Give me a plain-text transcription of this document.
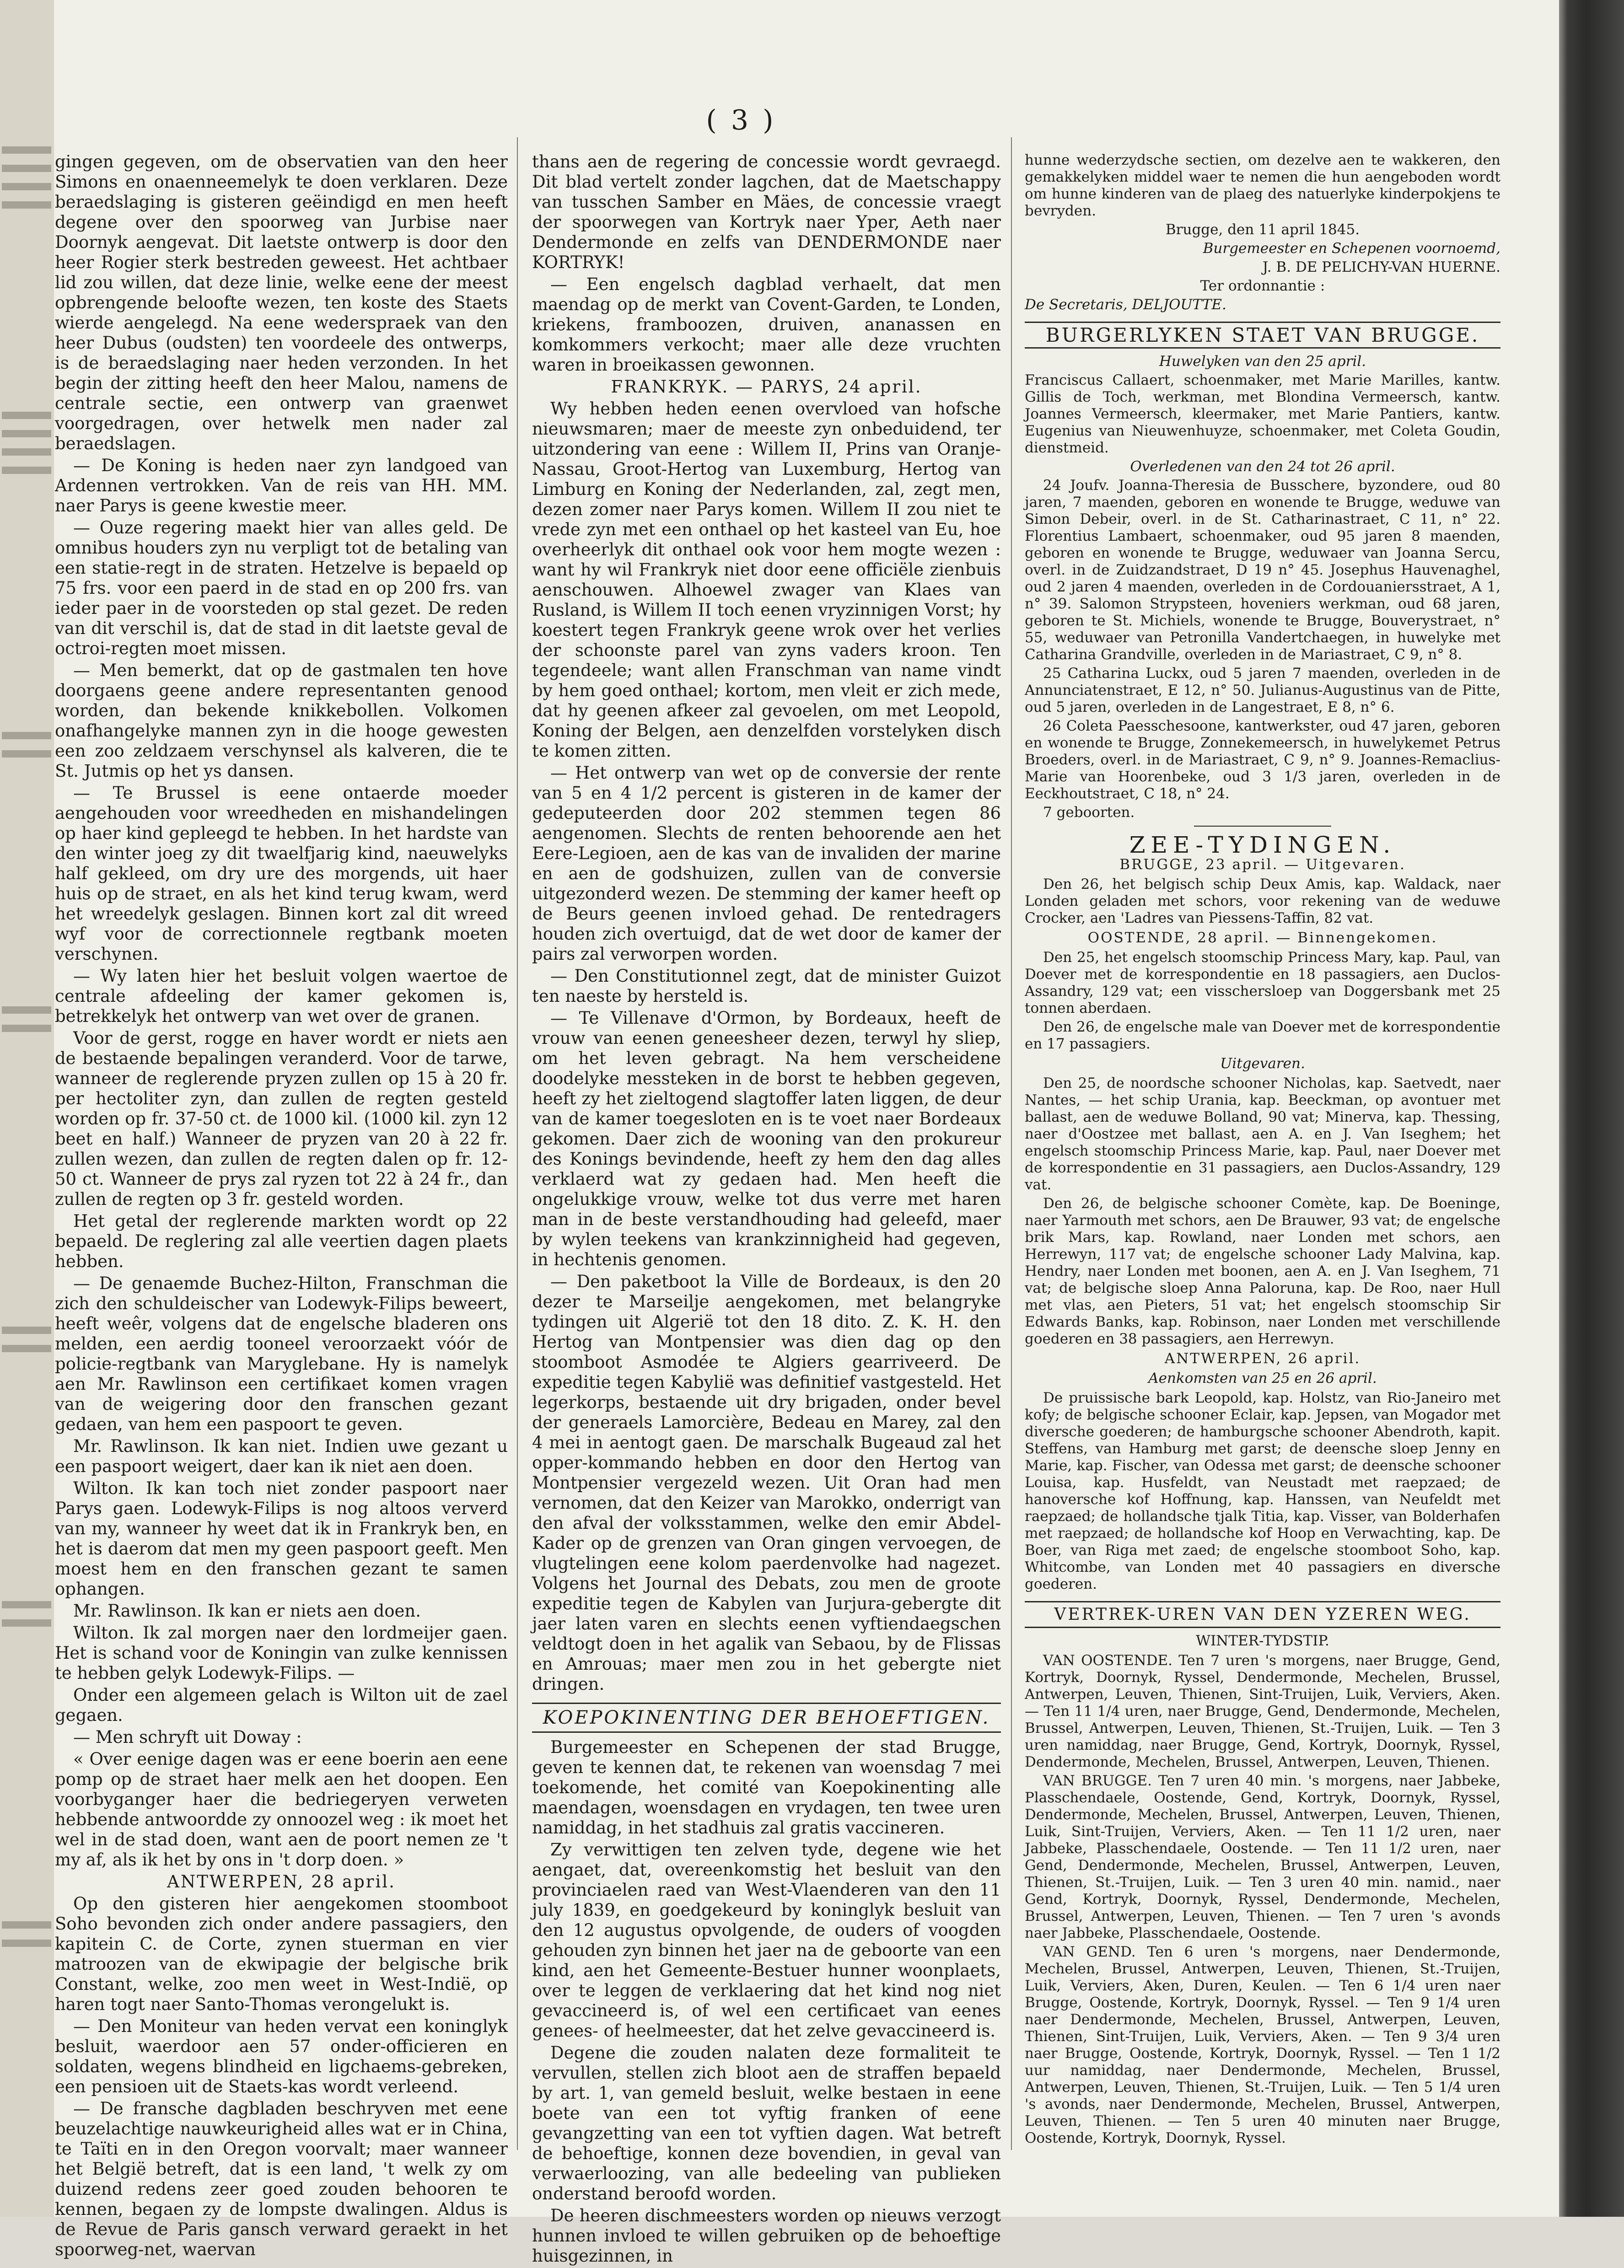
( 3 )

gingen gegeven, om de observatien van den heer Simons en onaenneemelyk te doen verklaren. Deze beraedslaging is gisteren geëindigd en men heeft degene over den spoorweg van Jurbise naer Doornyk aengevat. Dit laetste ontwerp is door den heer Rogier sterk bestreden geweest. Het achtbaer lid zou willen, dat deze linie, welke eene der meest opbrengende beloofte wezen, ten koste des Staets wierde aengelegd. Na eene wederspraek van den heer Dubus (oudsten) ten voordeele des ontwerps, is de beraedslaging naer heden verzonden. In het begin der zitting heeft den heer Malou, namens de centrale sectie, een ontwerp van graenwet voorgedragen, over hetwelk men nader zal beraedslagen.

— De Koning is heden naer zyn landgoed van Ardennen vertrokken. Van de reis van HH. MM. naer Parys is geene kwestie meer.

— Ouze regering maekt hier van alles geld. De omnibus houders zyn nu verpligt tot de betaling van een statie-regt in de straten. Hetzelve is bepaeld op 75 frs. voor een paerd in de stad en op 200 frs. van ieder paer in de voorsteden op stal gezet. De reden van dit verschil is, dat de stad in dit laetste geval de octroi-regten moet missen.

— Men bemerkt, dat op de gastmalen ten hove doorgaens geene andere representanten genood worden, dan bekende knikkebollen. Volkomen onafhangelyke mannen zyn in die hooge gewesten een zoo zeldzaem verschynsel als kalveren, die te St. Jutmis op het ys dansen.

— Te Brussel is eene ontaerde moeder aengehouden voor wreedheden en mishandelingen op haer kind gepleegd te hebben. In het hardste van den winter joeg zy dit twaelfjarig kind, naeuwelyks half gekleed, om dry ure des morgends, uit haer huis op de straet, en als het kind terug kwam, werd het wreedelyk geslagen. Binnen kort zal dit wreed wyf voor de correctionnele regtbank moeten verschynen.

— Wy laten hier het besluit volgen waertoe de centrale afdeeling der kamer gekomen is, betrekkelyk het ontwerp van wet over de granen.

Voor de gerst, rogge en haver wordt er niets aen de bestaende bepalingen veranderd. Voor de tarwe, wanneer de reglerende pryzen zullen op 15 à 20 fr. per hectoliter zyn, dan zullen de regten gesteld worden op fr. 37-50 ct. de 1000 kil. (1000 kil. zyn 12 beet en half.) Wanneer de pryzen van 20 à 22 fr. zullen wezen, dan zullen de regten dalen op fr. 12-50 ct. Wanneer de prys zal ryzen tot 22 à 24 fr., dan zullen de regten op 3 fr. gesteld worden.

Het getal der reglerende markten wordt op 22 bepaeld. De reglering zal alle veertien dagen plaets hebben.

— De genaemde Buchez-Hilton, Franschman die zich den schuldeischer van Lodewyk-Filips beweert, heeft weêr, volgens dat de engelsche bladeren ons melden, een aerdig tooneel veroorzaekt vóór de policie-regtbank van Maryglebane. Hy is namelyk aen Mr. Rawlinson een certifikaet komen vragen van de weigering door den franschen gezant gedaen, van hem een paspoort te geven.

Mr. Rawlinson. Ik kan niet. Indien uwe gezant u een paspoort weigert, daer kan ik niet aen doen.

Wilton. Ik kan toch niet zonder paspoort naer Parys gaen. Lodewyk-Filips is nog altoos ververd van my, wanneer hy weet dat ik in Frankryk ben, en het is daerom dat men my geen paspoort geeft. Men moest hem en den franschen gezant te samen ophangen.

Mr. Rawlinson. Ik kan er niets aen doen.

Wilton. Ik zal morgen naer den lordmeijer gaen. Het is schand voor de Koningin van zulke kennissen te hebben gelyk Lodewyk-Filips. —

Onder een algemeen gelach is Wilton uit de zael gegaen.

— Men schryft uit Doway :

« Over eenige dagen was er eene boerin aen eene pomp op de straet haer melk aen het doopen. Een voorbyganger haer die bedriegeryen verweten hebbende antwoordde zy onnoozel weg : ik moet het wel in de stad doen, want aen de poort nemen ze 't my af, als ik het by ons in 't dorp doen. »

ANTWERPEN, 28 april.

Op den gisteren hier aengekomen stoomboot Soho bevonden zich onder andere passagiers, den kapitein C. de Corte, zynen stuerman en vier matroozen van de ekwipagie der belgische brik Constant, welke, zoo men weet in West-Indië, op haren togt naer Santo-Thomas verongelukt is.

— Den Moniteur van heden vervat een koninglyk besluit, waerdoor aen 57 onder-officieren en soldaten, wegens blindheid en ligchaems-gebreken, een pensioen uit de Staets-kas wordt verleend.

— De fransche dagbladen beschryven met eene beuzelachtige nauwkeurigheid alles wat er in China, te Taïti en in den Oregon voorvalt; maer wanneer het België betreft, dat is een land, 't welk zy om duizend redens zeer goed zouden behooren te kennen, begaen zy de lompste dwalingen. Aldus is de Revue de Paris gansch verward geraekt in het spoorweg-net, waervan

thans aen de regering de concessie wordt gevraegd. Dit blad vertelt zonder lagchen, dat de Maetschappy van tusschen Samber en Mäes, de concessie vraegt der spoorwegen van Kortryk naer Yper, Aeth naer Dendermonde en zelfs van DENDERMONDE naer KORTRYK!

— Een engelsch dagblad verhaelt, dat men maendag op de merkt van Covent-Garden, te Londen, kriekens, framboozen, druiven, ananassen en komkommers verkocht; maer alle deze vruchten waren in broeikassen gewonnen.

FRANKRYK. — PARYS, 24 april.

Wy hebben heden eenen overvloed van hofsche nieuwsmaren; maer de meeste zyn onbeduidend, ter uitzondering van eene : Willem II, Prins van Oranje-Nassau, Groot-Hertog van Luxemburg, Hertog van Limburg en Koning der Nederlanden, zal, zegt men, dezen zomer naer Parys komen. Willem II zou niet te vrede zyn met een onthael op het kasteel van Eu, hoe overheerlyk dit onthael ook voor hem mogte wezen : want hy wil Frankryk niet door eene officiële zienbuis aenschouwen. Alhoewel zwager van Klaes van Rusland, is Willem II toch eenen vryzinnigen Vorst; hy koestert tegen Frankryk geene wrok over het verlies der schoonste parel van zyns vaders kroon. Ten tegendeele; want allen Franschman van name vindt by hem goed onthael; kortom, men vleit er zich mede, dat hy geenen afkeer zal gevoelen, om met Leopold, Koning der Belgen, aen denzelfden vorstelyken disch te komen zitten.

— Het ontwerp van wet op de conversie der rente van 5 en 4 1/2 percent is gisteren in de kamer der gedeputeerden door 202 stemmen tegen 86 aengenomen. Slechts de renten behoorende aen het Eere-Legioen, aen de kas van de invaliden der marine en aen de godshuizen, zullen van de conversie uitgezonderd wezen. De stemming der kamer heeft op de Beurs geenen invloed gehad. De rentedragers houden zich overtuigd, dat de wet door de kamer der pairs zal verworpen worden.

— Den Constitutionnel zegt, dat de minister Guizot ten naeste by hersteld is.

— Te Villenave d'Ormon, by Bordeaux, heeft de vrouw van eenen geneesheer dezen, terwyl hy sliep, om het leven gebragt. Na hem verscheidene doodelyke messteken in de borst te hebben gegeven, heeft zy het zieltogend slagtoffer laten liggen, de deur van de kamer toegesloten en is te voet naer Bordeaux gekomen. Daer zich de wooning van den prokureur des Konings bevindende, heeft zy hem den dag alles verklaerd wat zy gedaen had. Men heeft die ongelukkige vrouw, welke tot dus verre met haren man in de beste verstandhouding had geleefd, maer by wylen teekens van krankzinnigheid had gegeven, in hechtenis genomen.

— Den paketboot la Ville de Bordeaux, is den 20 dezer te Marseilje aengekomen, met belangryke tydingen uit Algerië tot den 18 dito. Z. K. H. den Hertog van Montpensier was dien dag op den stoomboot Asmodée te Algiers gearriveerd. De expeditie tegen Kabylië was definitief vastgesteld. Het legerkorps, bestaende uit dry brigaden, onder bevel der generaels Lamorcière, Bedeau en Marey, zal den 4 mei in aentogt gaen. De marschalk Bugeaud zal het opper-kommando hebben en door den Hertog van Montpensier vergezeld wezen. Uit Oran had men vernomen, dat den Keizer van Marokko, onderrigt van den afval der volksstammen, welke den emir Abdel-Kader op de grenzen van Oran gingen vervoegen, de vlugtelingen eene kolom paerdenvolke had nagezet. Volgens het Journal des Debats, zou men de groote expeditie tegen de Kabylen van Jurjura-gebergte dit jaer laten varen en slechts eenen vyftiendaegschen veldtogt doen in het agalik van Sebaou, by de Flissas en Amrouas; maer men zou in het gebergte niet dringen.

KOEPOKINENTING DER BEHOEFTIGEN.

Burgemeester en Schepenen der stad Brugge, geven te kennen dat, te rekenen van woensdag 7 mei toekomende, het comité van Koepokinenting alle maendagen, woensdagen en vrydagen, ten twee uren namiddag, in het stadhuis zal gratis vaccineren.

Zy verwittigen ten zelven tyde, degene wie het aengaet, dat, overeenkomstig het besluit van den provinciaelen raed van West-Vlaenderen van den 11 july 1839, en goedgekeurd by koninglyk besluit van den 12 augustus opvolgende, de ouders of voogden gehouden zyn binnen het jaer na de geboorte van een kind, aen het Gemeente-Bestuer hunner woonplaets, over te leggen de verklaering dat het kind nog niet gevaccineerd is, of wel een certificaet van eenes genees- of heelmeester, dat het zelve gevaccineerd is.

Degene die zouden nalaten deze formaliteit te vervullen, stellen zich bloot aen de straffen bepaeld by art. 1, van gemeld besluit, welke bestaen in eene boete van een tot vyftig franken of eene gevangzetting van een tot vyftien dagen. Wat betreft de behoeftige, konnen deze bovendien, in geval van verwaerloozing, van alle bedeeling van publieken onderstand beroofd worden.

De heeren dischmeesters worden op nieuws verzogt hunnen invloed te willen gebruiken op de behoeftige huisgezinnen, in

hunne wederzydsche sectien, om dezelve aen te wakkeren, den gemakkelyken middel waer te nemen die hun aengeboden wordt om hunne kinderen van de plaeg des natuerlyke kinderpokjens te bevryden.

Brugge, den 11 april 1845.

Burgemeester en Schepenen voornoemd,

J. B. DE PELICHY-VAN HUERNE.

Ter ordonnantie :

De Secretaris, DELJOUTTE.

BURGERLYKEN STAET VAN BRUGGE.

Huwelyken van den 25 april.

Franciscus Callaert, schoenmaker, met Marie Marilles, kantw. Gillis de Toch, werkman, met Blondina Vermeersch, kantw. Joannes Vermeersch, kleermaker, met Marie Pantiers, kantw. Eugenius van Nieuwenhuyze, schoenmaker, met Coleta Goudin, dienstmeid.

Overledenen van den 24 tot 26 april.

24 Joufv. Joanna-Theresia de Busschere, byzondere, oud 80 jaren, 7 maenden, geboren en wonende te Brugge, weduwe van Simon Debeir, overl. in de St. Catharinastraet, C 11, n° 22. Florentius Lambaert, schoenmaker, oud 95 jaren 8 maenden, geboren en wonende te Brugge, weduwaer van Joanna Sercu, overl. in de Zuidzandstraet, D 19 n° 45. Josephus Hauvenaghel, oud 2 jaren 4 maenden, overleden in de Cordouaniersstraet, A 1, n° 39. Salomon Strypsteen, hoveniers werkman, oud 68 jaren, geboren te St. Michiels, wonende te Brugge, Bouverystraet, n° 55, weduwaer van Petronilla Vandertchaegen, in huwelyke met Catharina Grandville, overleden in de Mariastraet, C 9, n° 8.

25 Catharina Luckx, oud 5 jaren 7 maenden, overleden in de Annunciatenstraet, E 12, n° 50. Julianus-Augustinus van de Pitte, oud 5 jaren, overleden in de Langestraet, E 8, n° 6.

26 Coleta Paesschesoone, kantwerkster, oud 47 jaren, geboren en wonende te Brugge, Zonnekemeersch, in huwelykemet Petrus Broeders, overl. in de Mariastraet, C 9, n° 9. Joannes-Remaclius-Marie van Hoorenbeke, oud 3 1/3 jaren, overleden in de Eeckhoutstraet, C 18, n° 24.

7 geboorten.

ZEE-TYDINGEN.

BRUGGE, 23 april. — Uitgevaren.

Den 26, het belgisch schip Deux Amis, kap. Waldack, naer Londen geladen met schors, voor rekening van de weduwe Crocker, aen 'Ladres van Piessens-Taffin, 82 vat.

OOSTENDE, 28 april. — Binnengekomen.

Den 25, het engelsch stoomschip Princess Mary, kap. Paul, van Doever met de korrespondentie en 18 passagiers, aen Duclos-Assandry, 129 vat; een visschersloep van Doggersbank met 25 tonnen aberdaen.

Den 26, de engelsche male van Doever met de korrespondentie en 17 passagiers.

Uitgevaren.

Den 25, de noordsche schooner Nicholas, kap. Saetvedt, naer Nantes, — het schip Urania, kap. Beeckman, op avontuer met ballast, aen de weduwe Bolland, 90 vat; Minerva, kap. Thessing, naer d'Oostzee met ballast, aen A. en J. Van Iseghem; het engelsch stoomschip Princess Marie, kap. Paul, naer Doever met de korrespondentie en 31 passagiers, aen Duclos-Assandry, 129 vat.

Den 26, de belgische schooner Comète, kap. De Boeninge, naer Yarmouth met schors, aen De Brauwer, 93 vat; de engelsche brik Mars, kap. Rowland, naer Londen met schors, aen Herrewyn, 117 vat; de engelsche schooner Lady Malvina, kap. Hendry, naer Londen met boonen, aen A. en J. Van Iseghem, 71 vat; de belgische sloep Anna Paloruna, kap. De Roo, naer Hull met vlas, aen Pieters, 51 vat; het engelsch stoomschip Sir Edwards Banks, kap. Robinson, naer Londen met verschillende goederen en 38 passagiers, aen Herrewyn.

ANTWERPEN, 26 april.

Aenkomsten van 25 en 26 april.

De pruissische bark Leopold, kap. Holstz, van Rio-Janeiro met kofy; de belgische schooner Eclair, kap. Jepsen, van Mogador met diversche goederen; de hamburgsche schooner Abendroth, kapit. Steffens, van Hamburg met garst; de deensche sloep Jenny en Marie, kap. Fischer, van Odessa met garst; de deensche schooner Louisa, kap. Husfeldt, van Neustadt met raepzaed; de hanoversche kof Hoffnung, kap. Hanssen, van Neufeldt met raepzaed; de hollandsche tjalk Titia, kap. Visser, van Bolderhafen met raepzaed; de hollandsche kof Hoop en Verwachting, kap. De Boer, van Riga met zaed; de engelsche stoomboot Soho, kap. Whitcombe, van Londen met 40 passagiers en diversche goederen.

VERTREK-UREN VAN DEN YZEREN WEG.

WINTER-TYDSTIP.

VAN OOSTENDE. Ten 7 uren 's morgens, naer Brugge, Gend, Kortryk, Doornyk, Ryssel, Dendermonde, Mechelen, Brussel, Antwerpen, Leuven, Thienen, Sint-Truijen, Luik, Verviers, Aken. — Ten 11 1/4 uren, naer Brugge, Gend, Dendermonde, Mechelen, Brussel, Antwerpen, Leuven, Thienen, St.-Truijen, Luik. — Ten 3 uren namiddag, naer Brugge, Gend, Kortryk, Doornyk, Ryssel, Dendermonde, Mechelen, Brussel, Antwerpen, Leuven, Thienen.

VAN BRUGGE. Ten 7 uren 40 min. 's morgens, naer Jabbeke, Plasschendaele, Oostende, Gend, Kortryk, Doornyk, Ryssel, Dendermonde, Mechelen, Brussel, Antwerpen, Leuven, Thienen, Luik, Sint-Truijen, Verviers, Aken. — Ten 11 1/2 uren, naer Jabbeke, Plasschendaele, Oostende. — Ten 11 1/2 uren, naer Gend, Dendermonde, Mechelen, Brussel, Antwerpen, Leuven, Thienen, St.-Truijen, Luik. — Ten 3 uren 40 min. namid., naer Gend, Kortryk, Doornyk, Ryssel, Dendermonde, Mechelen, Brussel, Antwerpen, Leuven, Thienen. — Ten 7 uren 's avonds naer Jabbeke, Plasschendaele, Oostende.

VAN GEND. Ten 6 uren 's morgens, naer Dendermonde, Mechelen, Brussel, Antwerpen, Leuven, Thienen, St.-Truijen, Luik, Verviers, Aken, Duren, Keulen. — Ten 6 1/4 uren naer Brugge, Oostende, Kortryk, Doornyk, Ryssel. — Ten 9 1/4 uren naer Dendermonde, Mechelen, Brussel, Antwerpen, Leuven, Thienen, Sint-Truijen, Luik, Verviers, Aken. — Ten 9 3/4 uren naer Brugge, Oostende, Kortryk, Doornyk, Ryssel. — Ten 1 1/2 uur namiddag, naer Dendermonde, Mechelen, Brussel, Antwerpen, Leuven, Thienen, St.-Truijen, Luik. — Ten 5 1/4 uren 's avonds, naer Dendermonde, Mechelen, Brussel, Antwerpen, Leuven, Thienen. — Ten 5 uren 40 minuten naer Brugge, Oostende, Kortryk, Doornyk, Ryssel.
